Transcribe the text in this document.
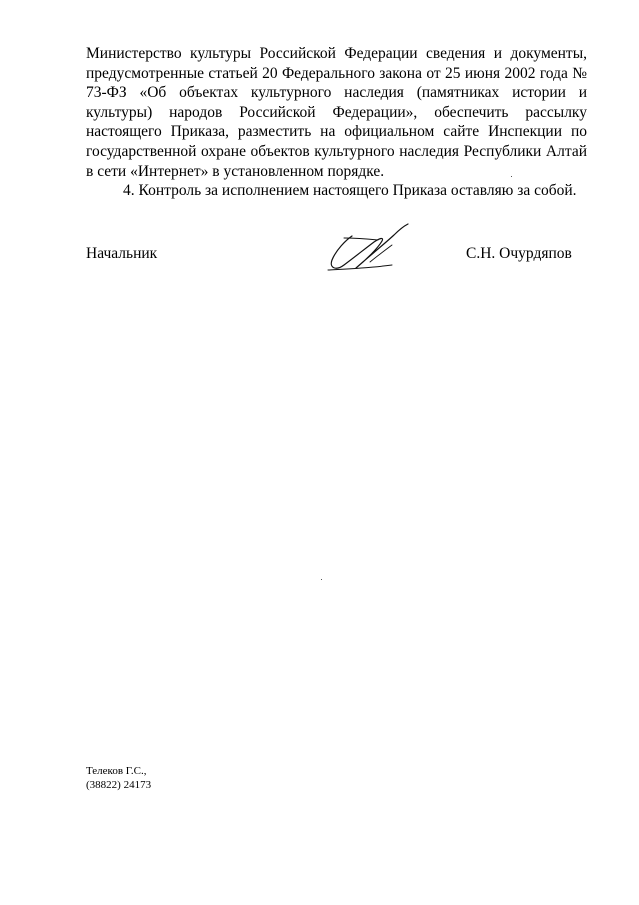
Министерство культуры Российской Федерации сведения и документы, предусмотренные статьей 20 Федерального закона от 25 июня 2002 года № 73-ФЗ «Об объектах культурного наследия (памятниках истории и культуры) народов Российской Федерации», обеспечить рассылку настоящего Приказа, разместить на официальном сайте Инспекции по государственной охране объектов культурного наследия Республики Алтай в сети «Интернет» в установленном порядке.

4. Контроль за исполнением настоящего Приказа оставляю за собой.

Начальник	С.Н. Очурдяпов
Телеков Г.С.,
(38822) 24173
